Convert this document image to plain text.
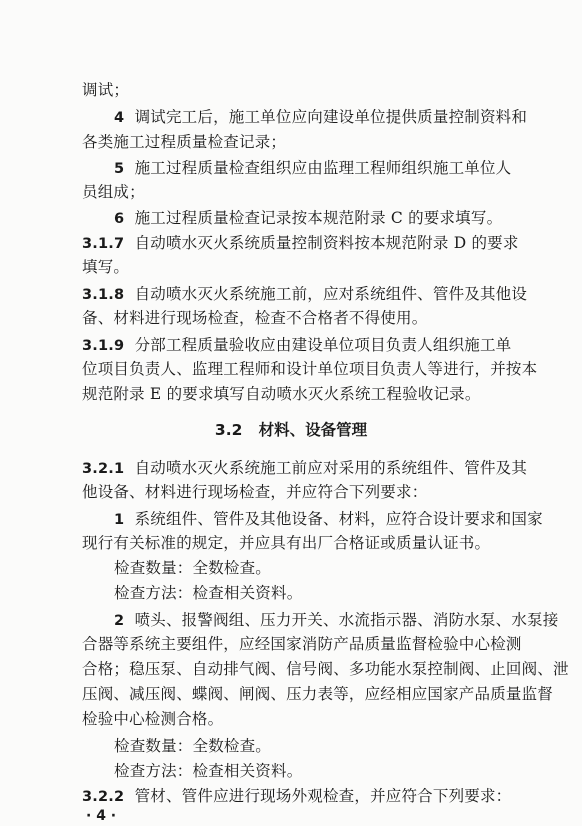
调试；
4 调试完工后，施工单位应向建设单位提供质量控制资料和
各类施工过程质量检查记录；
5 施工过程质量检查组织应由监理工程师组织施工单位人
员组成；
6 施工过程质量检查记录按本规范附录 C 的要求填写。
3.1.7 自动喷水灭火系统质量控制资料按本规范附录 D 的要求
填写。
3.1.8 自动喷水灭火系统施工前，应对系统组件、管件及其他设
备、材料进行现场检查，检查不合格者不得使用。
3.1.9 分部工程质量验收应由建设单位项目负责人组织施工单
位项目负责人、监理工程师和设计单位项目负责人等进行，并按本
规范附录 E 的要求填写自动喷水灭火系统工程验收记录。
3.2 材料、设备管理
3.2.1 自动喷水灭火系统施工前应对采用的系统组件、管件及其
他设备、材料进行现场检查，并应符合下列要求：
1 系统组件、管件及其他设备、材料，应符合设计要求和国家
现行有关标准的规定，并应具有出厂合格证或质量认证书。
检查数量：全数检查。
检查方法：检查相关资料。
2 喷头、报警阀组、压力开关、水流指示器、消防水泵、水泵接
合器等系统主要组件，应经国家消防产品质量监督检验中心检测
合格；稳压泵、自动排气阀、信号阀、多功能水泵控制阀、止回阀、泄
压阀、减压阀、蝶阀、闸阀、压力表等，应经相应国家产品质量监督
检验中心检测合格。
检查数量：全数检查。
检查方法：检查相关资料。
3.2.2 管材、管件应进行现场外观检查，并应符合下列要求：
· 4 ·
